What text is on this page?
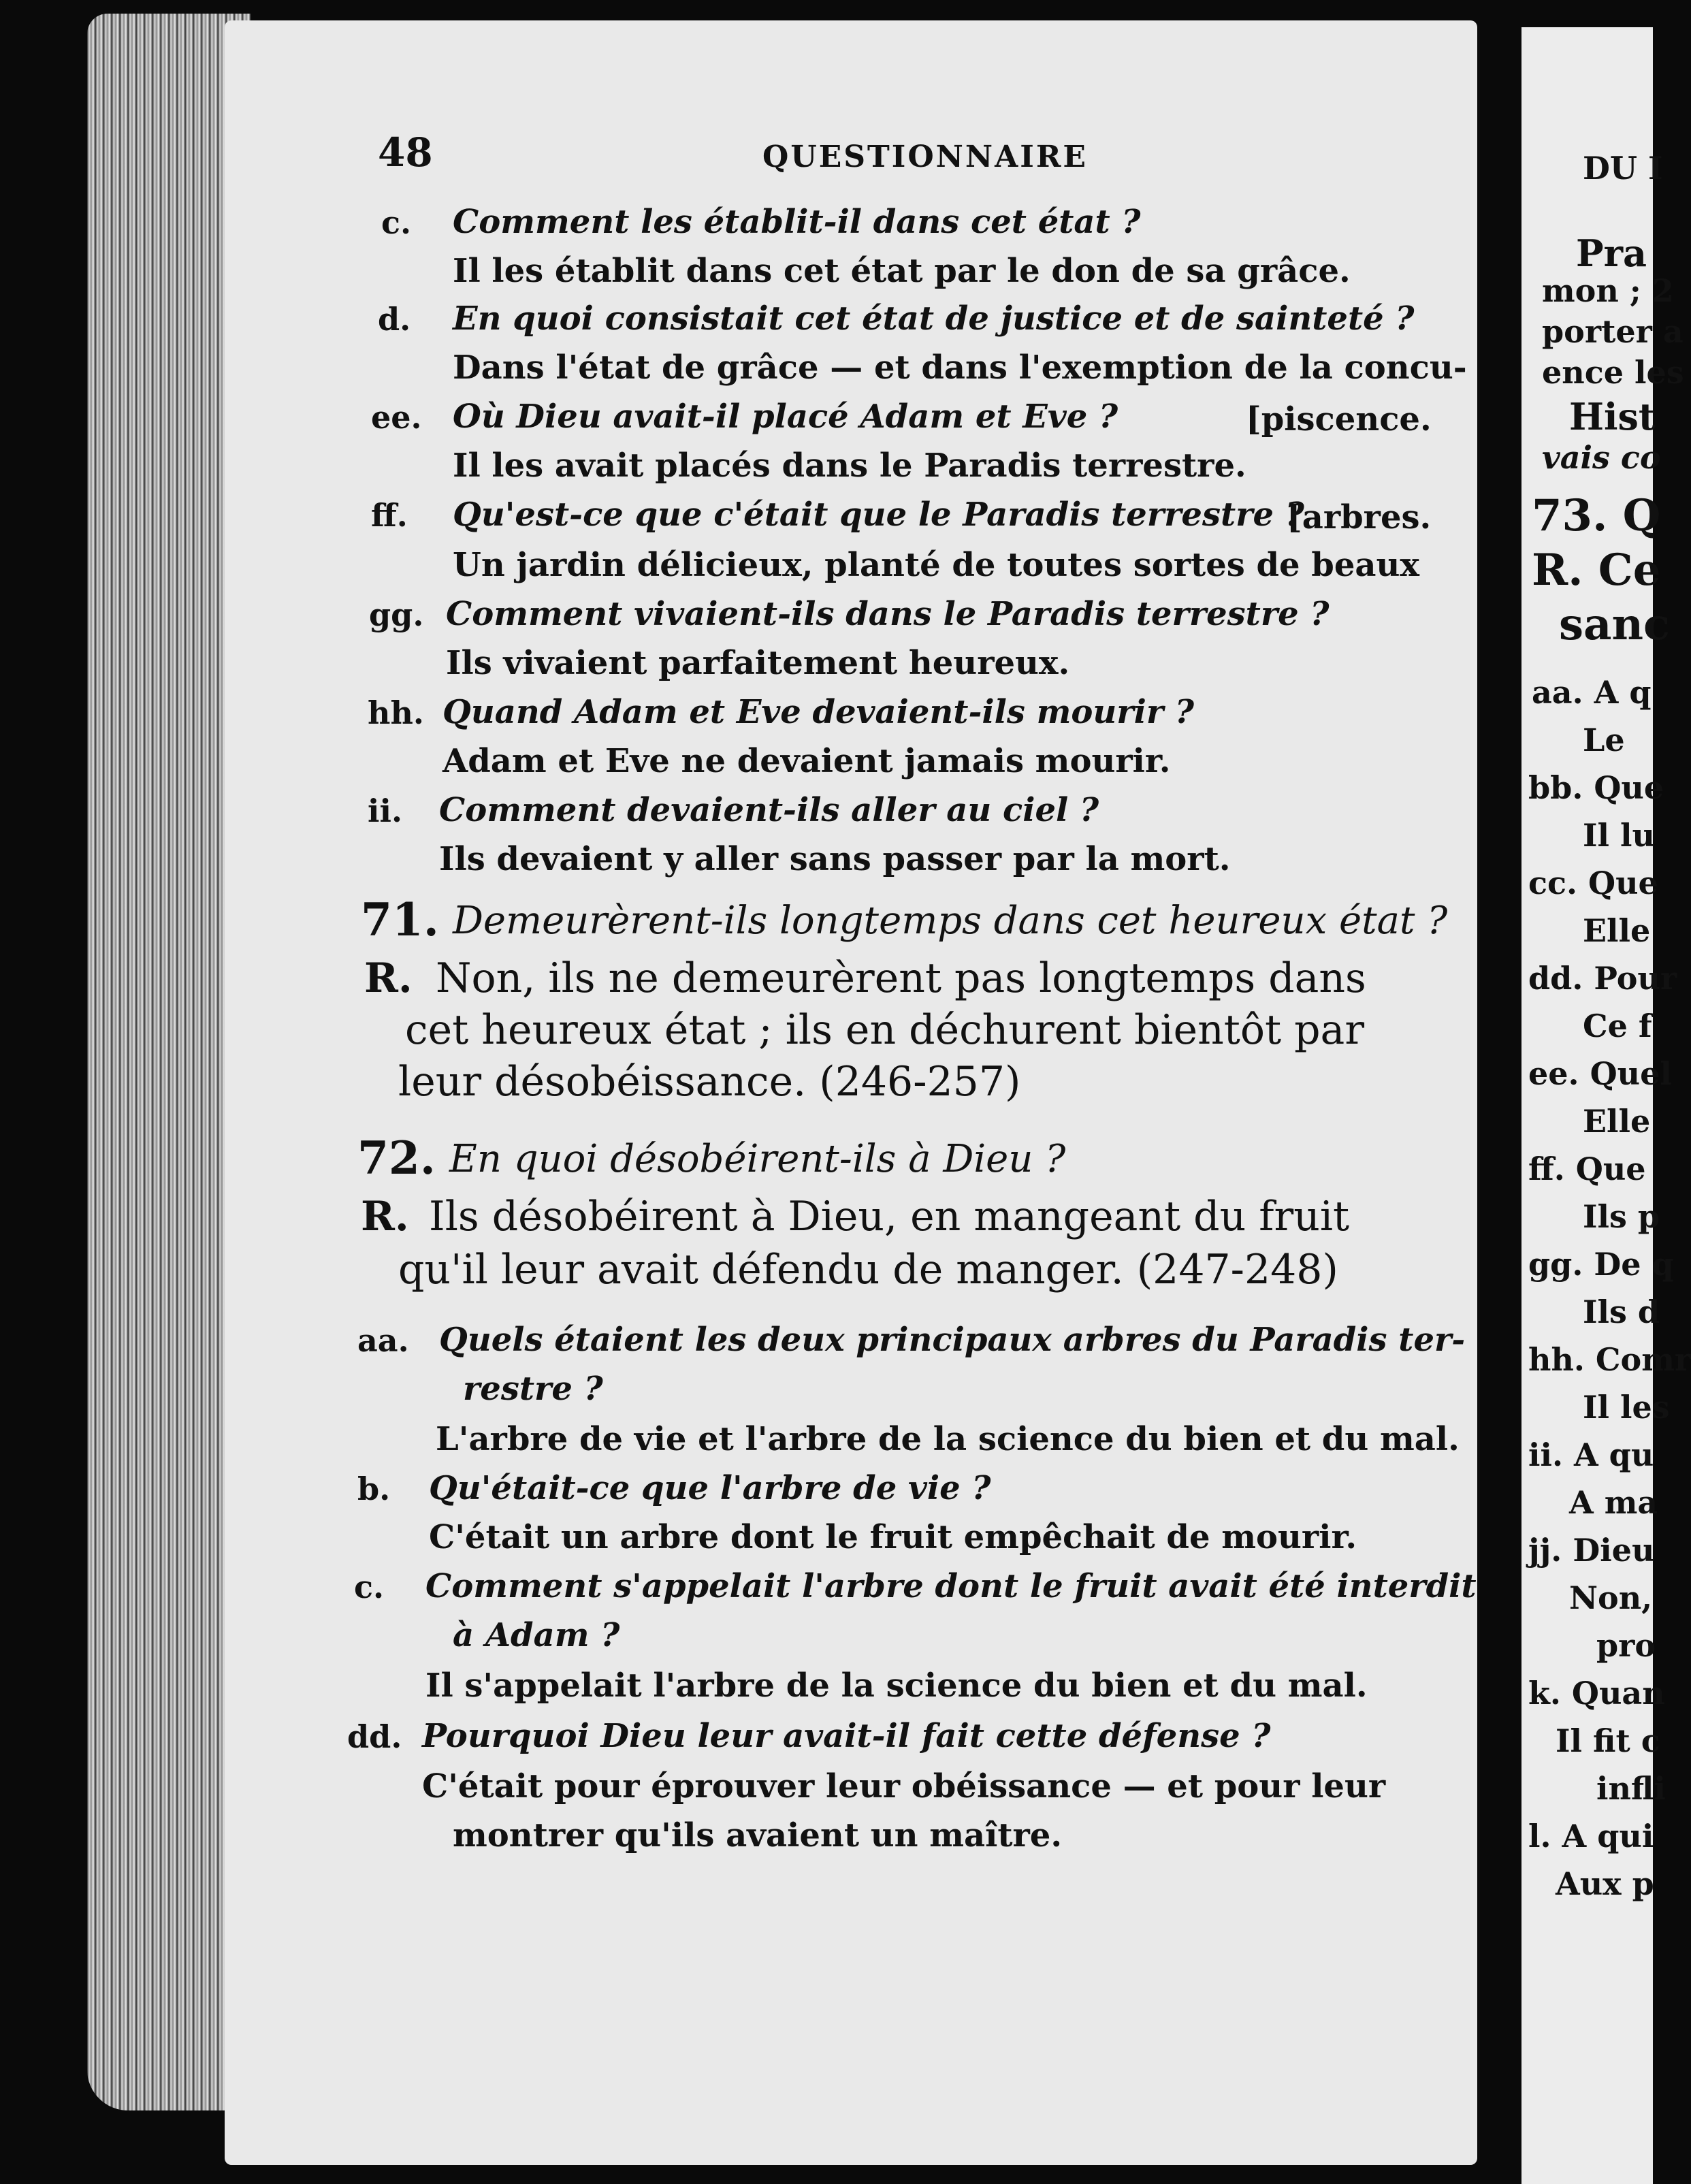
48	QUESTIONNAIRE
c. Comment les établit-il dans cet état ?
Il les établit dans cet état par le don de sa grâce.
d. En quoi consistait cet état de justice et de sainteté ?
Dans l'état de grâce — et dans l'exemption de la concu-
ee. Où Dieu avait-il placé Adam et Eve ?	[piscence.
Il les avait placés dans le Paradis terrestre.
ff. Qu'est-ce que c'était que le Paradis terrestre ?
[arbres.
Un jardin délicieux, planté de toutes sortes de beaux
gg. Comment vivaient-ils dans le Paradis terrestre ?
Ils vivaient parfaitement heureux.
hh. Quand Adam et Eve devaient-ils mourir ?
Adam et Eve ne devaient jamais mourir.
ii. Comment devaient-ils aller au ciel ?
Ils devaient y aller sans passer par la mort.
71. Demeurèrent-ils longtemps dans cet heureux état ?
R. Non, ils ne demeurèrent pas longtemps dans
cet heureux état ; ils en déchurent bientôt par
leur désobéissance. (246-257)
72. En quoi désobéirent-ils à Dieu ?
R. Ils désobéirent à Dieu, en mangeant du fruit
qu'il leur avait défendu de manger. (247-248)
aa. Quels étaient les deux principaux arbres du Paradis ter-
restre ?
L'arbre de vie et l'arbre de la science du bien et du mal.
b. Qu'était-ce que l'arbre de vie ?
C'était un arbre dont le fruit empêchait de mourir.
c. Comment s'appelait l'arbre dont le fruit avait été interdit
à Adam ?
Il s'appelait l'arbre de la science du bien et du mal.
dd. Pourquoi Dieu leur avait-il fait cette défense ?
C'était pour éprouver leur obéissance — et pour leur
montrer qu'ils avaient un maître.
DU I
Pra
mon ; 2
porter a
ence les
Hist
vais co
73. Q
R. Ce
sanc
aa. A q
Le
bb. Que
Il lu
cc. Que
Elle
dd. Pour
Ce f
ee. Quel
Elle
ff. Que
Ils p
gg. De q
Ils d
hh. Comr
Il les
ii. A qu
A ma
jj. Dieu
Non,
pro
k. Quan
Il fit c
infli
l. A qui
Aux p
